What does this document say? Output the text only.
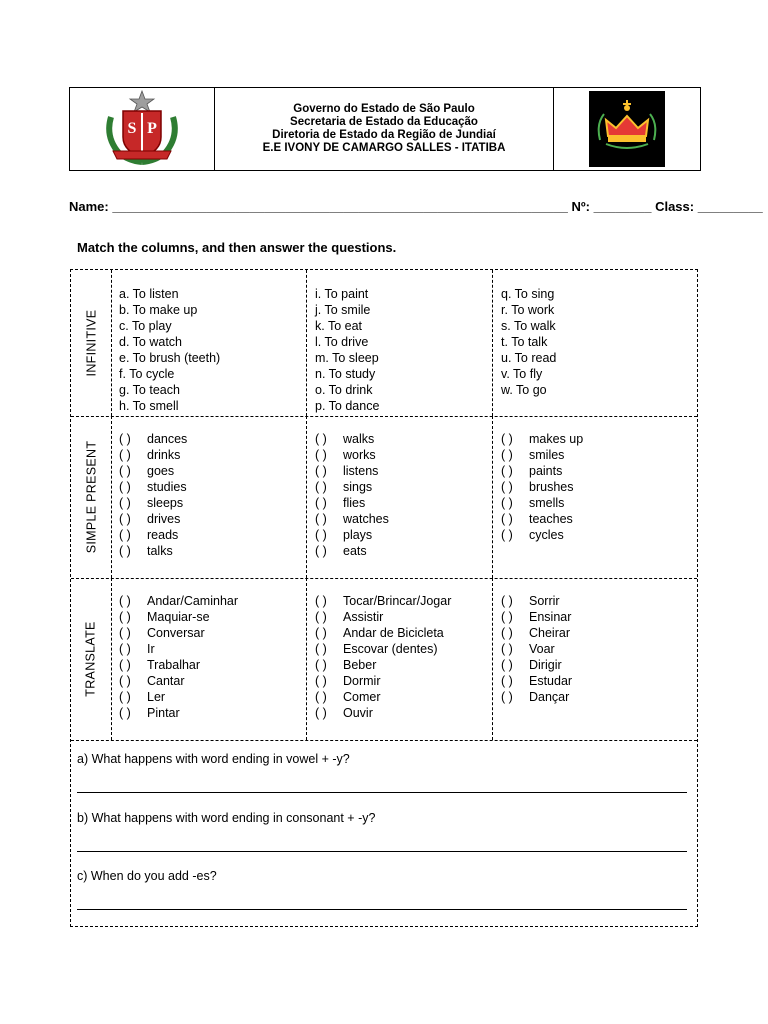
S P
Governo do Estado de São Paulo
Secretaria de Estado da Educação
Diretoria de Estado da Região de Jundiaí
E.E IVONY DE CAMARGO SALLES - ITATIBA
Name: _______________________________________________________________ Nº: ________ Class: _________
Match the columns, and then answer the questions.
INFINITIVE
a. To listen
b. To make up
c. To play
d. To watch
e. To brush (teeth)
f. To cycle
g. To teach
h. To smell
i. To paint
j. To smile
k. To eat
l. To drive
m. To sleep
n. To study
o. To drink
p. To dance
q. To sing
r. To work
s. To walk
t. To talk
u. To read
v. To fly
w. To go
SIMPLE PRESENT
( ) dances
( ) drinks
( ) goes
( ) studies
( ) sleeps
( ) drives
( ) reads
( ) talks
( ) walks
( ) works
( ) listens
( ) sings
( ) flies
( ) watches
( ) plays
( ) eats
( ) makes up
( ) smiles
( ) paints
( ) brushes
( ) smells
( ) teaches
( ) cycles
TRANSLATE
( ) Andar/Caminhar
( ) Maquiar-se
( ) Conversar
( ) Ir
( ) Trabalhar
( ) Cantar
( ) Ler
( ) Pintar
( ) Tocar/Brincar/Jogar
( ) Assistir
( ) Andar de Bicicleta
( ) Escovar (dentes)
( ) Beber
( ) Dormir
( ) Comer
( ) Ouvir
( ) Sorrir
( ) Ensinar
( ) Cheirar
( ) Voar
( ) Dirigir
( ) Estudar
( ) Dançar
a) What happens with word ending in vowel + -y?
b) What happens with word ending in consonant + -y?
c) When do you add -es?
